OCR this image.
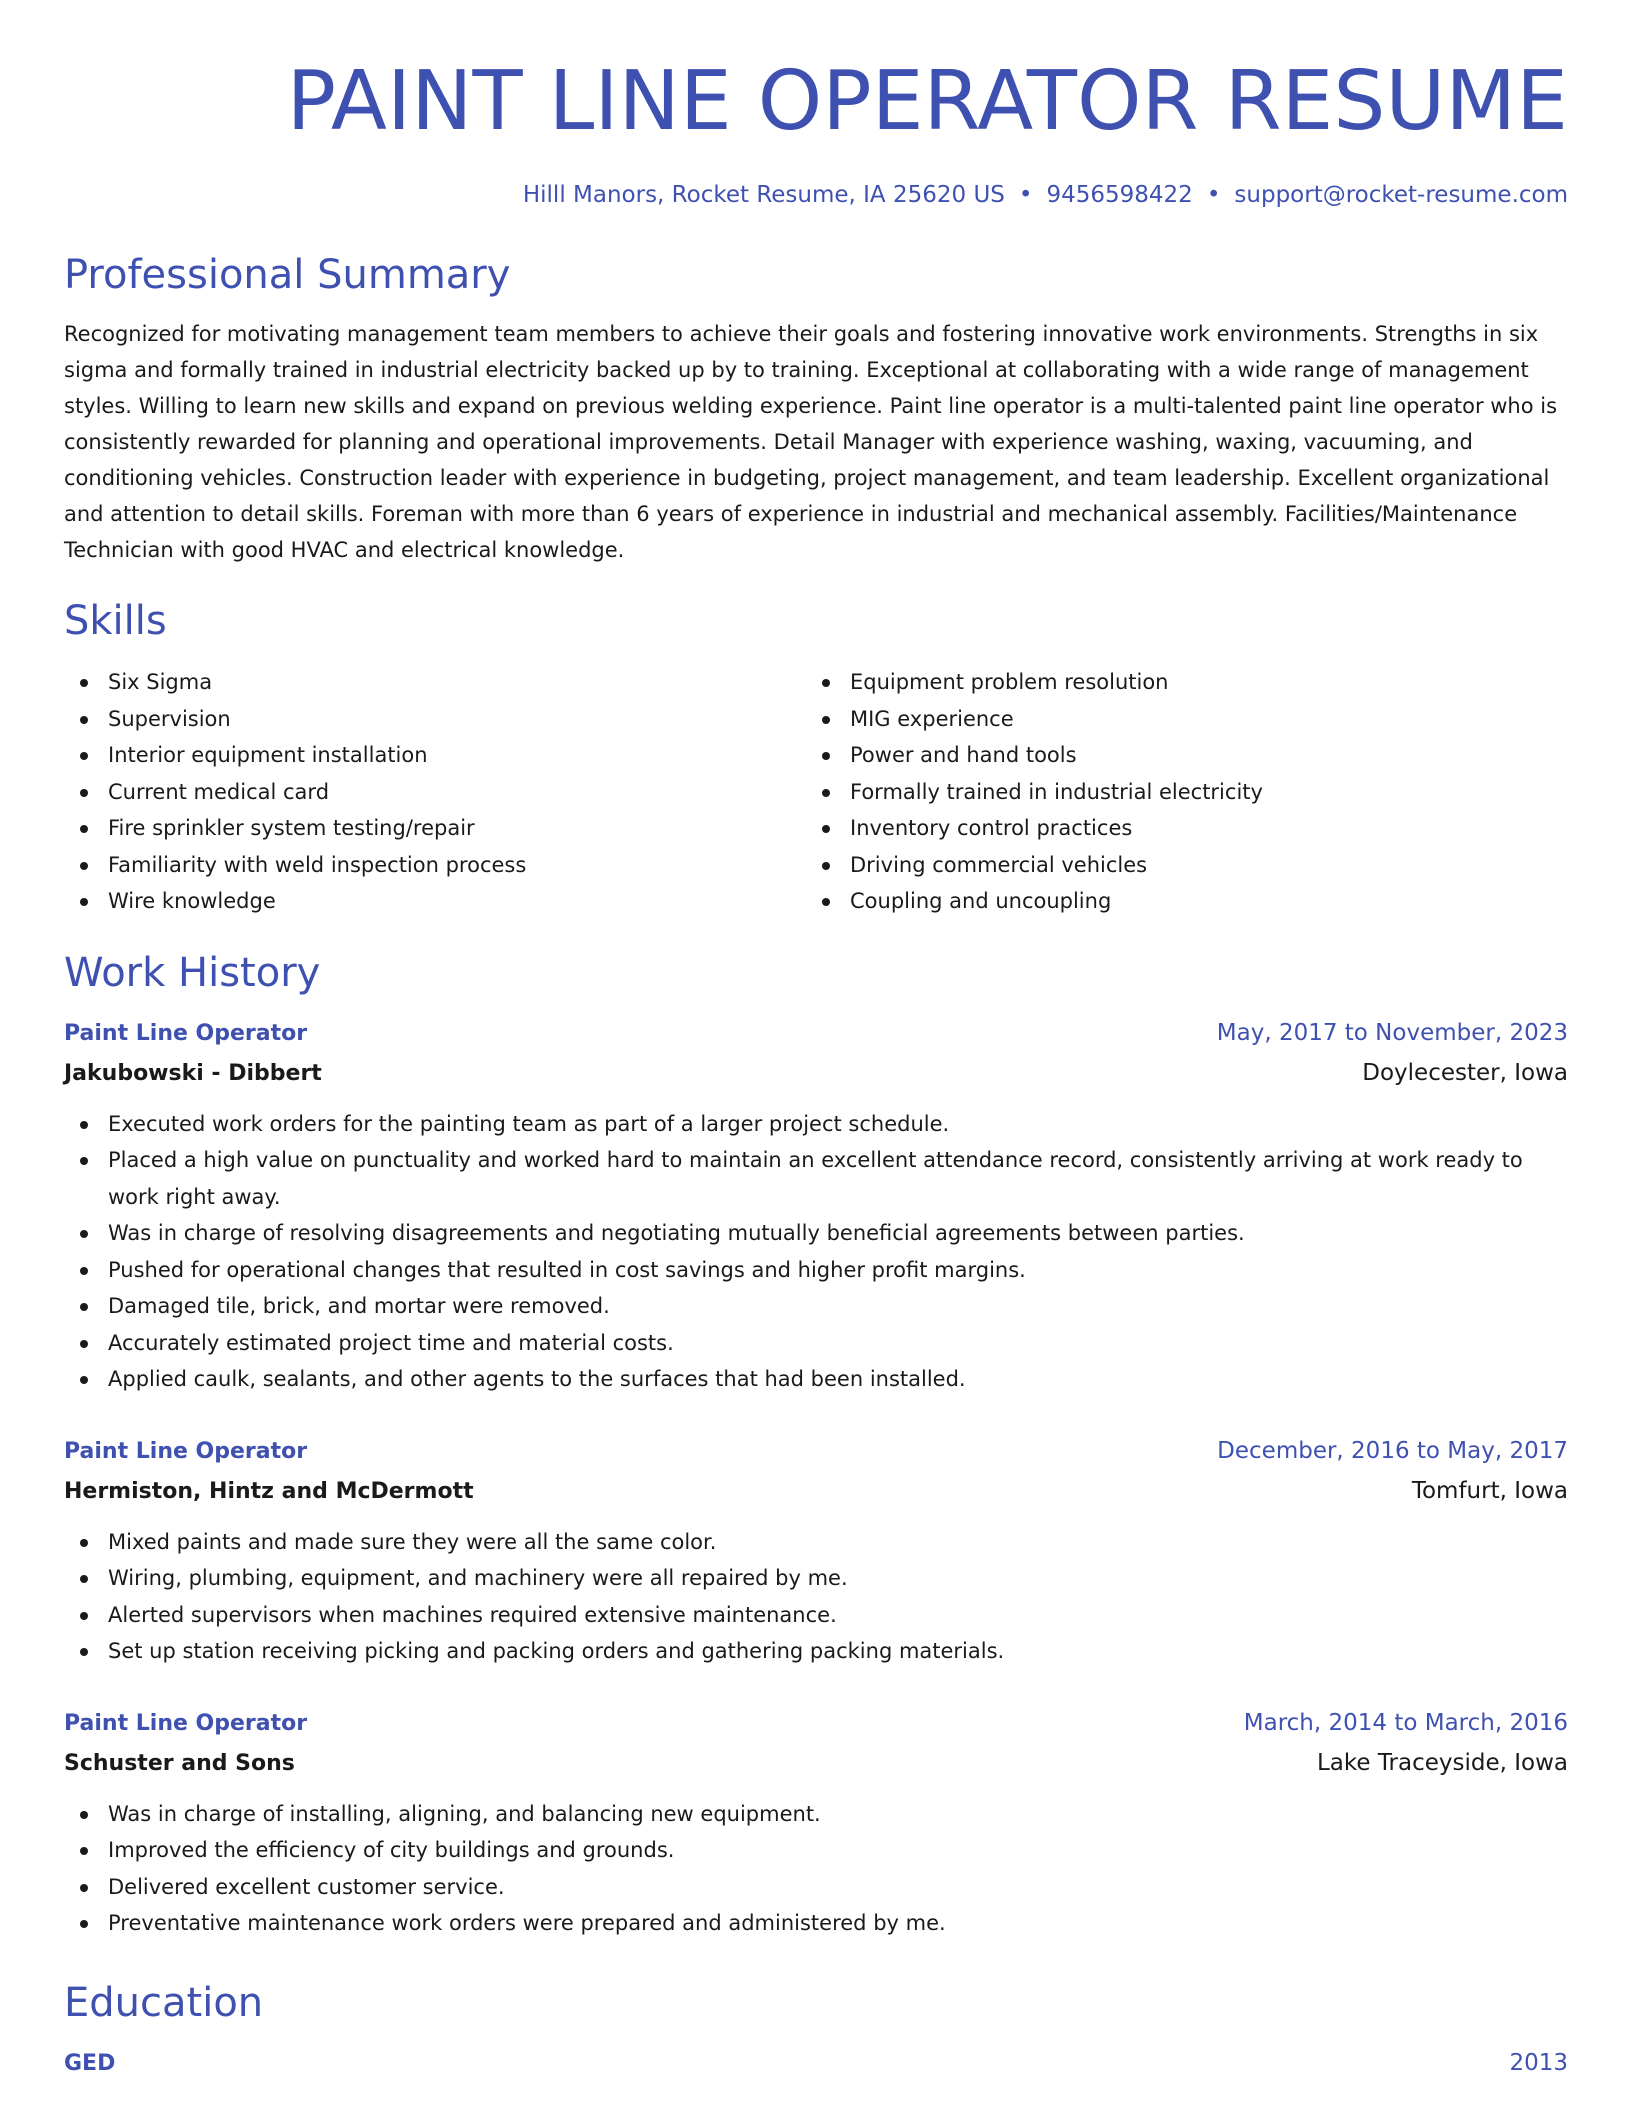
PAINT LINE OPERATOR RESUME
Hilll Manors, Rocket Resume, IA 25620 US • 9456598422 • support@rocket-resume.com
Professional Summary

Recognized for motivating management team members to achieve their goals and fostering innovative work environments. Strengths in six sigma and formally trained in industrial electricity backed up by to training. Exceptional at collaborating with a wide range of management styles. Willing to learn new skills and expand on previous welding experience. Paint line operator is a multi-talented paint line operator who is consistently rewarded for planning and operational improvements. Detail Manager with experience washing, waxing, vacuuming, and conditioning vehicles. Construction leader with experience in budgeting, project management, and team leadership. Excellent organizational and attention to detail skills. Foreman with more than 6 years of experience in industrial and mechanical assembly. Facilities/Maintenance Technician with good HVAC and electrical knowledge.

Skills
Six Sigma
Supervision
Interior equipment installation
Current medical card
Fire sprinkler system testing/repair
Familiarity with weld inspection process
Wire knowledge
Equipment problem resolution
MIG experience
Power and hand tools
Formally trained in industrial electricity
Inventory control practices
Driving commercial vehicles
Coupling and uncoupling
Work History
Paint Line Operator	May, 2017 to November, 2023
Jakubowski - Dibbert	Doylecester, Iowa
Executed work orders for the painting team as part of a larger project schedule.
Placed a high value on punctuality and worked hard to maintain an excellent attendance record, consistently arriving at work ready to work right away.
Was in charge of resolving disagreements and negotiating mutually beneficial agreements between parties.
Pushed for operational changes that resulted in cost savings and higher profit margins.
Damaged tile, brick, and mortar were removed.
Accurately estimated project time and material costs.
Applied caulk, sealants, and other agents to the surfaces that had been installed.
Paint Line Operator	December, 2016 to May, 2017
Hermiston, Hintz and McDermott	Tomfurt, Iowa
Mixed paints and made sure they were all the same color.
Wiring, plumbing, equipment, and machinery were all repaired by me.
Alerted supervisors when machines required extensive maintenance.
Set up station receiving picking and packing orders and gathering packing materials.
Paint Line Operator	March, 2014 to March, 2016
Schuster and Sons	Lake Traceyside, Iowa
Was in charge of installing, aligning, and balancing new equipment.
Improved the efficiency of city buildings and grounds.
Delivered excellent customer service.
Preventative maintenance work orders were prepared and administered by me.
Education
GED	2013
